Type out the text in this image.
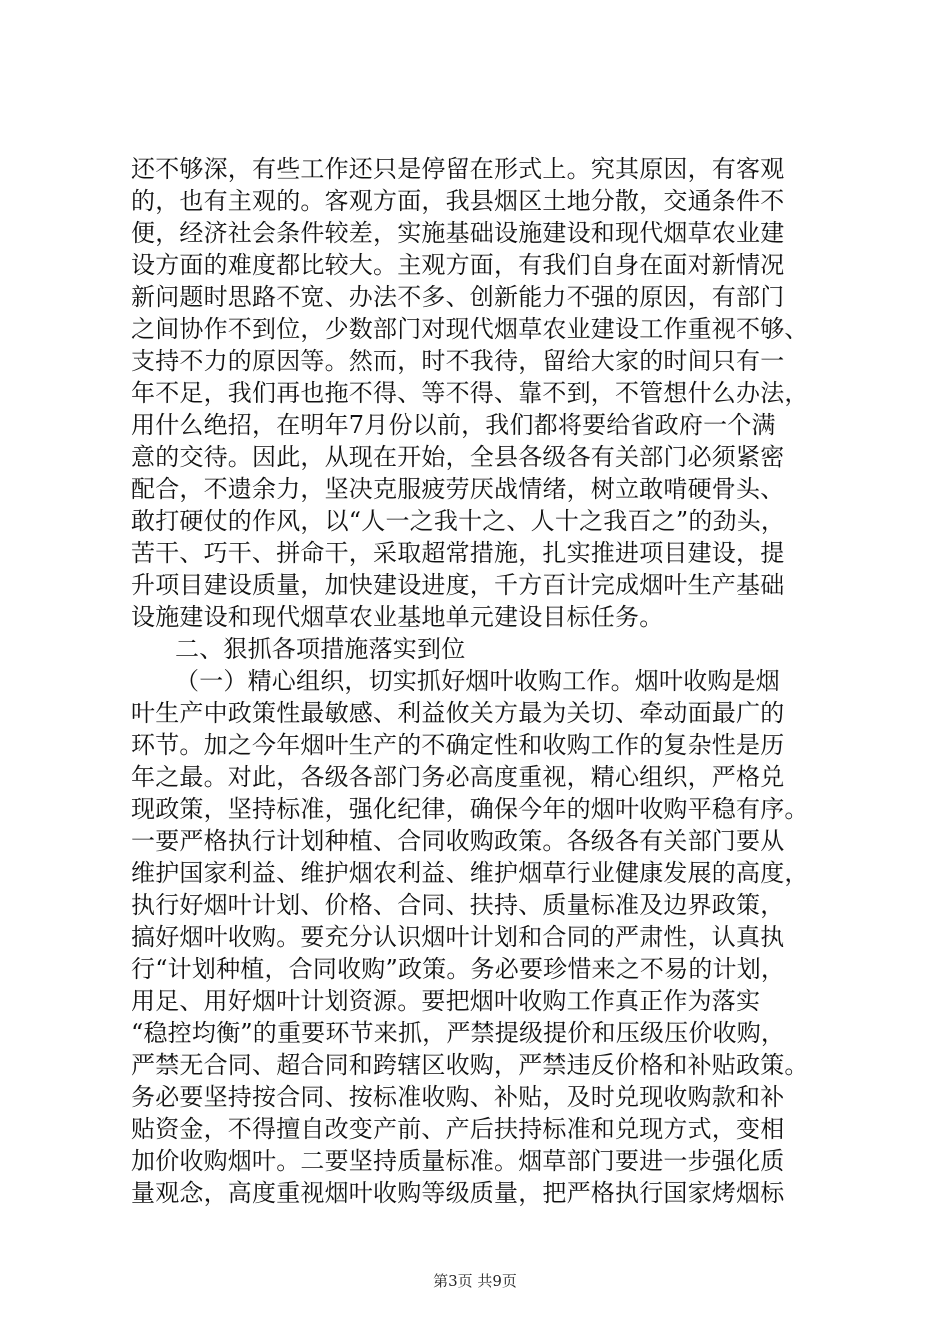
还不够深，有些工作还只是停留在形式上。究其原因，有客观
的，也有主观的。客观方面，我县烟区土地分散，交通条件不
便，经济社会条件较差，实施基础设施建设和现代烟草农业建
设方面的难度都比较大。主观方面，有我们自身在面对新情况
新问题时思路不宽、办法不多、创新能力不强的原因，有部门
之间协作不到位，少数部门对现代烟草农业建设工作重视不够、
支持不力的原因等。然而，时不我待，留给大家的时间只有一
年不足，我们再也拖不得、等不得、靠不到，不管想什么办法，
用什么绝招，在明年7月份以前，我们都将要给省政府一个满
意的交待。因此，从现在开始，全县各级各有关部门必须紧密
配合，不遗余力，坚决克服疲劳厌战情绪，树立敢啃硬骨头、
敢打硬仗的作风，以“人一之我十之、人十之我百之”的劲头，
苦干、巧干、拼命干，采取超常措施，扎实推进项目建设，提
升项目建设质量，加快建设进度，千方百计完成烟叶生产基础
设施建设和现代烟草农业基地单元建设目标任务。
二、狠抓各项措施落实到位
（一）精心组织，切实抓好烟叶收购工作。烟叶收购是烟
叶生产中政策性最敏感、利益攸关方最为关切、牵动面最广的
环节。加之今年烟叶生产的不确定性和收购工作的复杂性是历
年之最。对此，各级各部门务必高度重视，精心组织，严格兑
现政策，坚持标准，强化纪律，确保今年的烟叶收购平稳有序。
一要严格执行计划种植、合同收购政策。各级各有关部门要从
维护国家利益、维护烟农利益、维护烟草行业健康发展的高度，
执行好烟叶计划、价格、合同、扶持、质量标准及边界政策，
搞好烟叶收购。要充分认识烟叶计划和合同的严肃性，认真执
行“计划种植，合同收购”政策。务必要珍惜来之不易的计划，
用足、用好烟叶计划资源。要把烟叶收购工作真正作为落实
“稳控均衡”的重要环节来抓，严禁提级提价和压级压价收购，
严禁无合同、超合同和跨辖区收购，严禁违反价格和补贴政策。
务必要坚持按合同、按标准收购、补贴，及时兑现收购款和补
贴资金，不得擅自改变产前、产后扶持标准和兑现方式，变相
加价收购烟叶。二要坚持质量标准。烟草部门要进一步强化质
量观念，高度重视烟叶收购等级质量，把严格执行国家烤烟标
第3页 共9页
